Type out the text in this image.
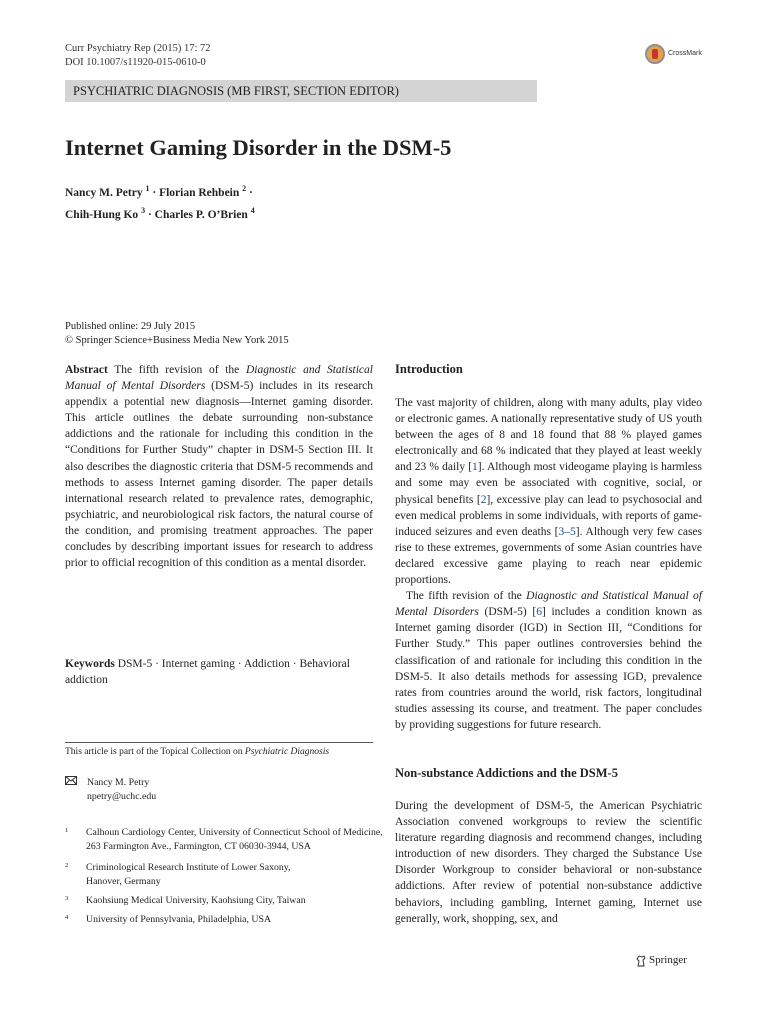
Curr Psychiatry Rep (2015) 17: 72
DOI 10.1007/s11920-015-0610-0
CrossMark
PSYCHIATRIC DIAGNOSIS (MB FIRST, SECTION EDITOR)
Internet Gaming Disorder in the DSM-5
Nancy M. Petry $^1$ · Florian Rehbein $^2$ ·
Chih-Hung Ko $^3$ · Charles P. O’Brien $^4$
Published online: 29 July 2015
© Springer Science+Business Media New York 2015

Abstract The fifth revision of the Diagnostic and Statistical Manual of Mental Disorders (DSM-5) includes in its research appendix a potential new diagnosis—Internet gaming disorder. This article outlines the debate surrounding non-substance addictions and the rationale for including this condition in the “Conditions for Further Study” chapter in DSM-5 Section III. It also describes the diagnostic criteria that DSM-5 recommends and methods to assess Internet gaming disorder. The paper details international research related to prevalence rates, demographic, psychiatric, and neurobiological risk factors, the natural course of the condition, and promising treatment approaches. The paper concludes by describing important issues for research to address prior to official recognition of this condition as a mental disorder.

Keywords DSM-5 · Internet gaming · Addiction · Behavioral addiction

This article is part of the Topical Collection on Psychiatric Diagnosis
Nancy M. Petry
npetry@uchc.edu
1 Calhoun Cardiology Center, University of Connecticut School of Medicine, 263 Farmington Ave., Farmington, CT 06030-3944, USA
2 Criminological Research Institute of Lower Saxony, Hanover, Germany
3 Kaohsiung Medical University, Kaohsiung City, Taiwan
4 University of Pennsylvania, Philadelphia, USA
Introduction

The vast majority of children, along with many adults, play video or electronic games. A nationally representative study of US youth between the ages of 8 and 18 found that 88 % played games electronically and 68 % indicated that they played at least weekly and 23 % daily [1]. Although most videogame playing is harmless and some may even be associated with cognitive, social, or physical benefits [2], excessive play can lead to psychosocial and even medical problems in some individuals, with reports of game-induced seizures and even deaths [3–5]. Although very few cases rise to these extremes, governments of some Asian countries have declared excessive game playing to reach near epidemic proportions.

The fifth revision of the Diagnostic and Statistical Manual of Mental Disorders (DSM-5) [6] includes a condition known as Internet gaming disorder (IGD) in Section III, “Conditions for Further Study.” This paper outlines controversies behind the classification of and rationale for including this condition in the DSM-5. It also details methods for assessing IGD, prevalence rates from countries around the world, risk factors, longitudinal studies assessing its course, and treatment. The paper concludes by providing suggestions for future research.

Non-substance Addictions and the DSM-5

During the development of DSM-5, the American Psychiatric Association convened workgroups to review the scientific literature regarding diagnosis and recommend changes, including introduction of new disorders. They charged the Substance Use Disorder Workgroup to consider behavioral or non-substance addictions. After review of potential non-substance addictive behaviors, including gambling, Internet gaming, Internet use generally, work, shopping, sex, and

Springer
